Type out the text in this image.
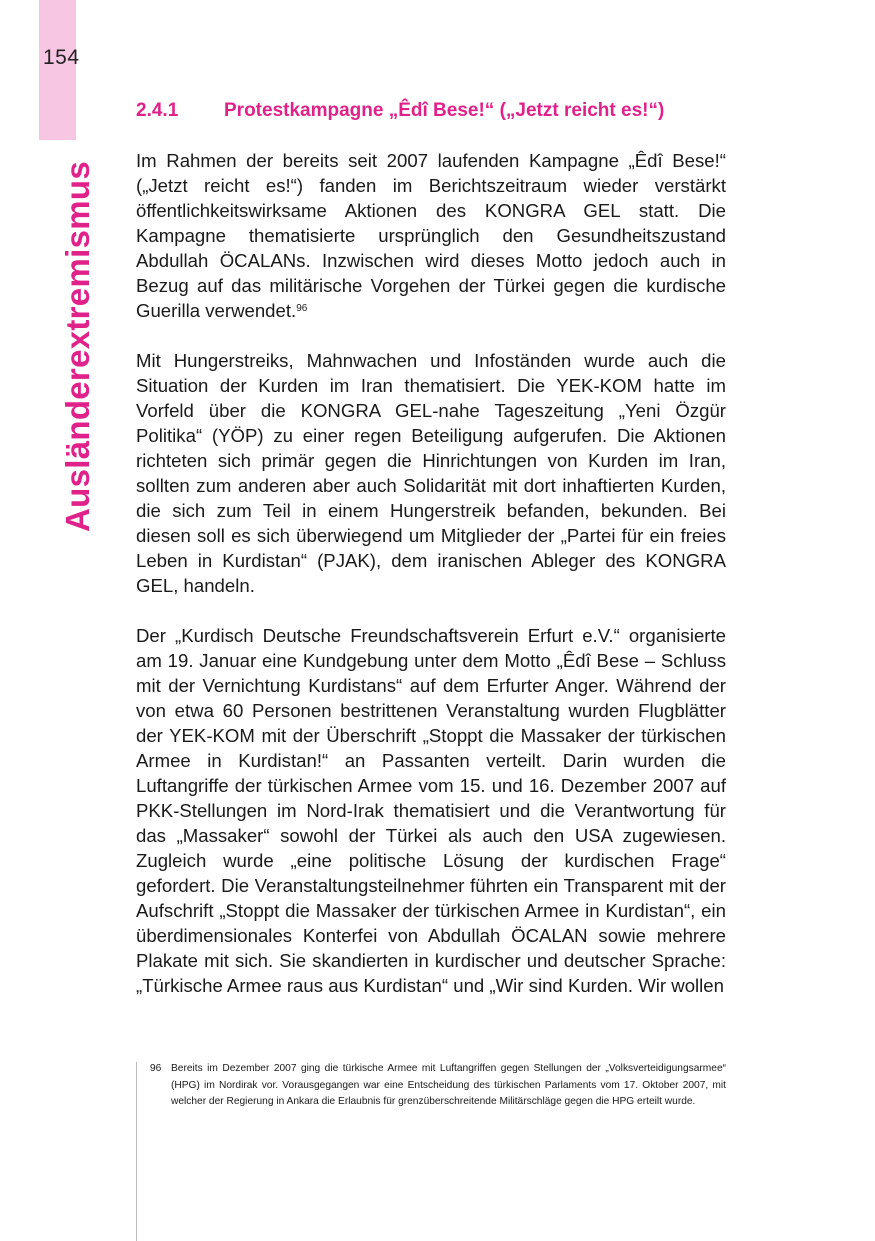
154
Ausländerextremismus
2.4.1 Protestkampagne „Êdî Bese!“ („Jetzt reicht es!“)

Im Rahmen der bereits seit 2007 laufenden Kampagne „Êdî Bese!“ („Jetzt reicht es!“) fanden im Berichtszeitraum wieder verstärkt öffentlichkeitswirksame Aktionen des KONGRA GEL statt. Die Kampagne thematisierte ursprünglich den Gesundheitszustand Abdullah ÖCALANs. Inzwischen wird dieses Motto jedoch auch in Bezug auf das militärische Vorgehen der Türkei gegen die kurdische Guerilla verwendet.$^{96}$

Mit Hungerstreiks, Mahnwachen und Infoständen wurde auch die Situation der Kurden im Iran thematisiert. Die YEK-KOM hatte im Vorfeld über die KONGRA GEL-nahe Tageszeitung „Yeni Özgür Politika“ (YÖP) zu einer regen Beteiligung aufgerufen. Die Aktionen richteten sich primär gegen die Hinrichtungen von Kurden im Iran, sollten zum anderen aber auch Solidarität mit dort inhaftierten Kurden, die sich zum Teil in einem Hungerstreik befanden, bekunden. Bei diesen soll es sich überwiegend um Mitglieder der „Partei für ein freies Leben in Kurdistan“ (PJAK), dem iranischen Ableger des KONGRA GEL, handeln.

Der „Kurdisch Deutsche Freundschaftsverein Erfurt e.V.“ organisierte am 19. Januar eine Kundgebung unter dem Motto „Êdî Bese – Schluss mit der Vernichtung Kurdistans“ auf dem Erfurter Anger. Während der von etwa 60 Personen bestrittenen Veranstaltung wurden Flugblätter der YEK-KOM mit der Überschrift „Stoppt die Massaker der türkischen Armee in Kurdistan!“ an Passanten verteilt. Darin wurden die Luftangriffe der türkischen Armee vom 15. und 16. Dezember 2007 auf PKK-Stellungen im Nord-Irak thematisiert und die Verantwortung für das „Massaker“ sowohl der Türkei als auch den USA zugewiesen. Zugleich wurde „eine politische Lösung der kurdischen Frage“ gefordert. Die Veranstaltungsteilnehmer führten ein Transparent mit der Aufschrift „Stoppt die Massaker der türkischen Armee in Kurdistan“, ein überdimensionales Konterfei von Abdullah ÖCALAN sowie mehrere Plakate mit sich. Sie skandierten in kurdischer und deutscher Sprache: „Türkische Armee raus aus Kurdistan“ und „Wir sind Kurden. Wir wollen

96 Bereits im Dezember 2007 ging die türkische Armee mit Luftangriffen gegen Stellungen der „Volksverteidigungsarmee“ (HPG) im Nordirak vor. Vorausgegangen war eine Entscheidung des türkischen Parlaments vom 17. Oktober 2007, mit welcher der Regierung in Ankara die Erlaubnis für grenzüberschreitende Militärschläge gegen die HPG erteilt wurde.
